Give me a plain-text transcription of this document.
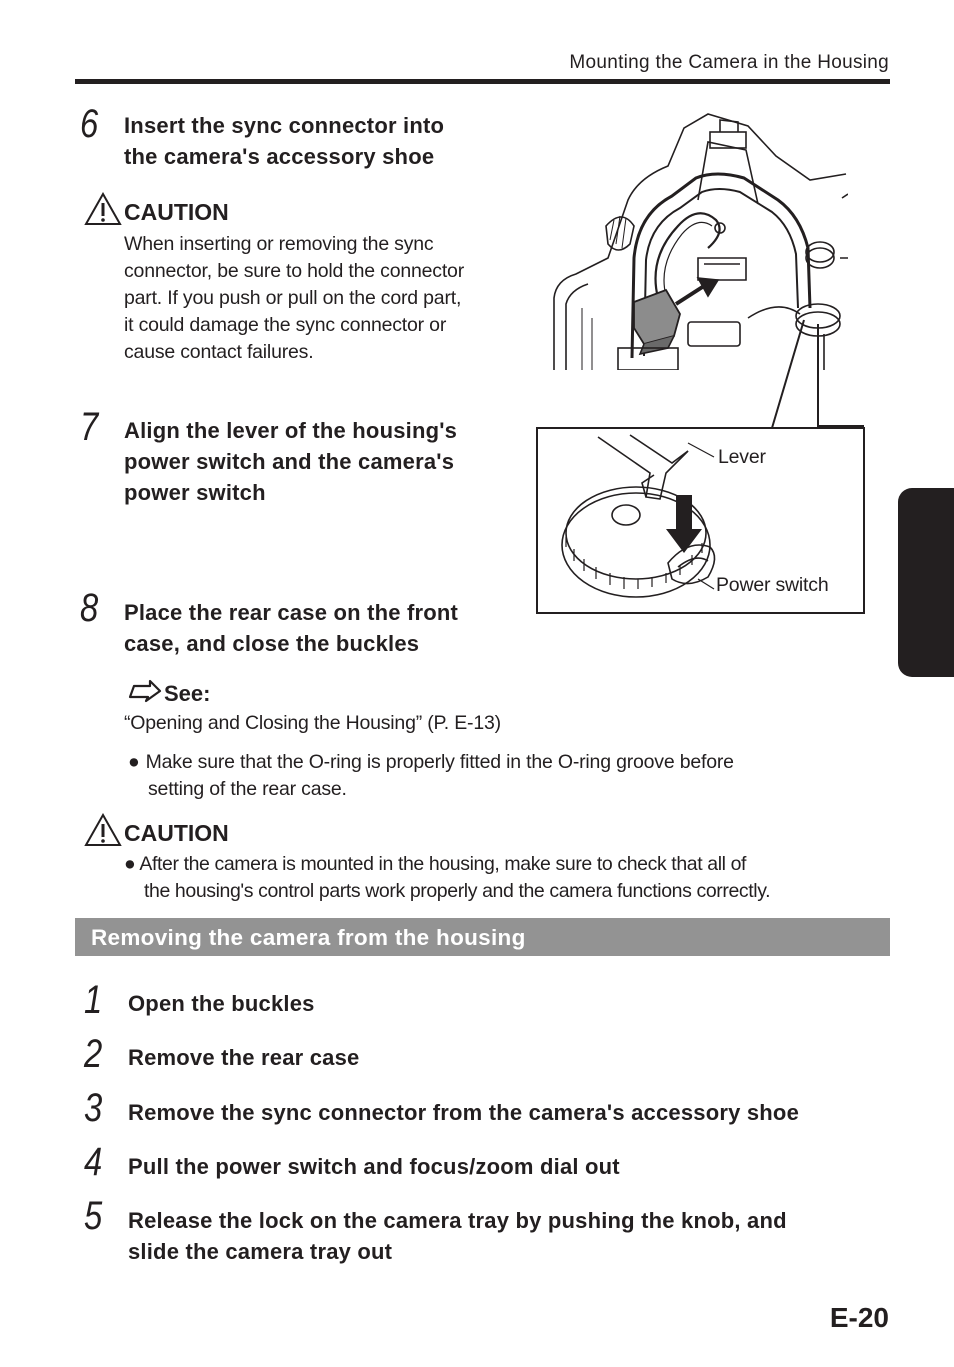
Mounting the Camera in the Housing
6 Insert the sync connector into
the camera's accessory shoe
CAUTION
When inserting or removing the sync
connector, be sure to hold the connector
part. If you push or pull on the cord part,
it could damage the sync connector or
cause contact failures.
Lever
Power switch
7 Align the lever of the housing's
power switch and the camera's
power switch
8 Place the rear case on the front
case, and close the buckles
See:
“Opening and Closing the Housing” (P. E-13)
● Make sure that the O-ring is properly fitted in the O-ring groove before
setting of the rear case.
CAUTION
● After the camera is mounted in the housing, make sure to check that all of
the housing's control parts work properly and the camera functions correctly.
Removing the camera from the housing
1 Open the buckles
2 Remove the rear case
3 Remove the sync connector from the camera's accessory shoe
4 Pull the power switch and focus/zoom dial out
5 Release the lock on the camera tray by pushing the knob, and
slide the camera tray out
E-20
